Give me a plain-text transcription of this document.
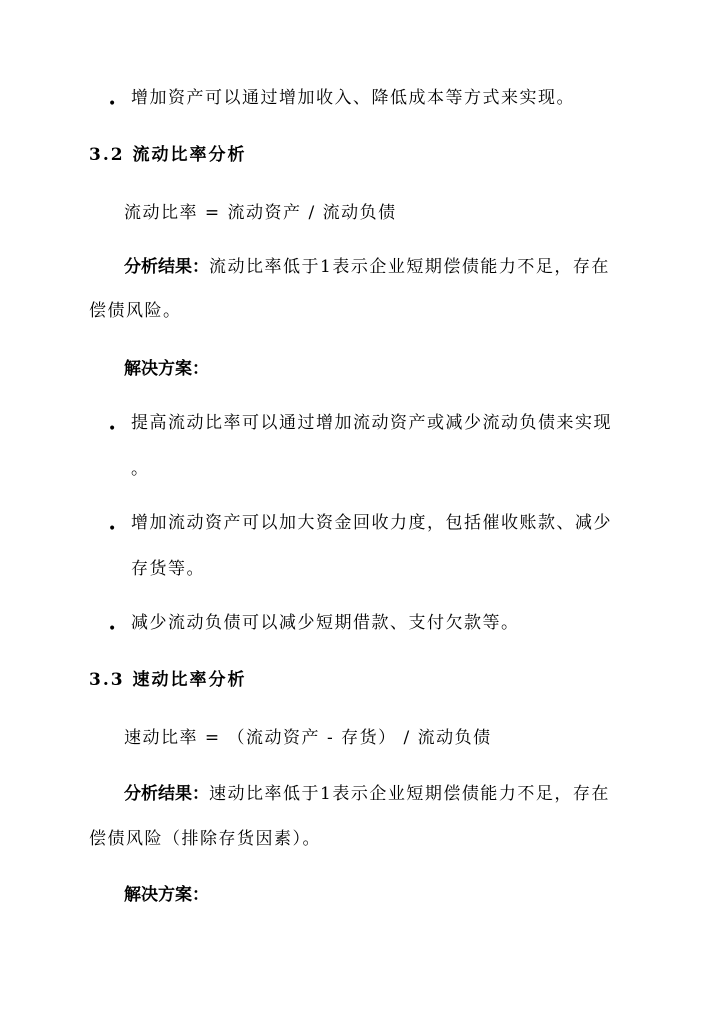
• 增加资产可以通过增加收入、降低成本等方式来实现。
3.2 流动比率分析
流动比率 = 流动资产 / 流动负债
分析结果：流动比率低于1表示企业短期偿债能力不足，存在
偿债风险。
解决方案：
• 提高流动比率可以通过增加流动资产或减少流动负债来实现
。
• 增加流动资产可以加大资金回收力度，包括催收账款、减少
存货等。
• 减少流动负债可以减少短期借款、支付欠款等。
3.3 速动比率分析
速动比率 = （流动资产 - 存货） / 流动负债
分析结果：速动比率低于1表示企业短期偿债能力不足，存在
偿债风险（排除存货因素）。
解决方案：
